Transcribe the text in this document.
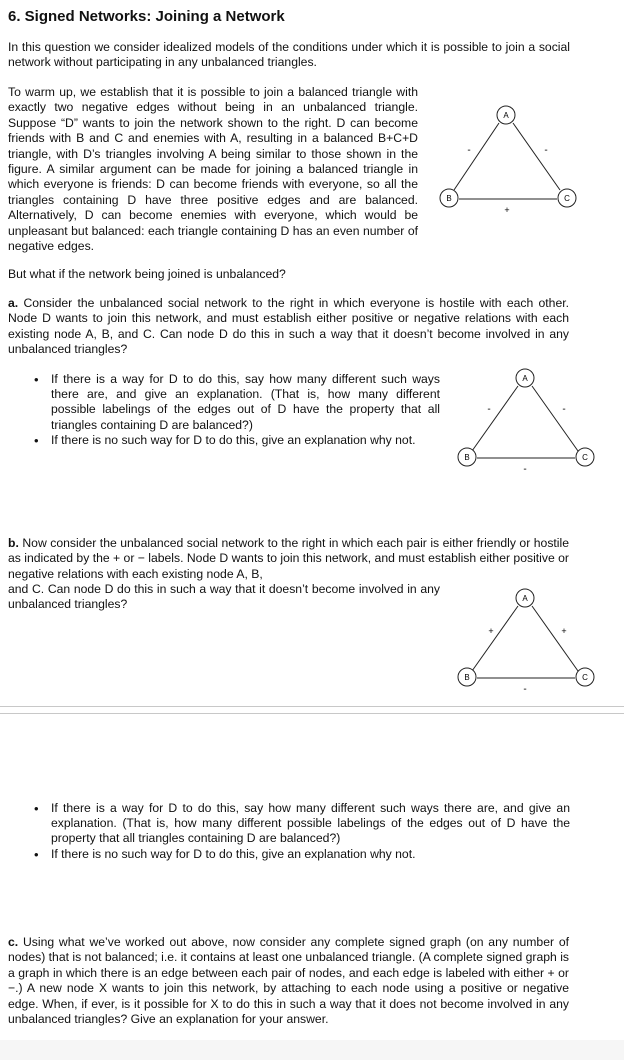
6. Signed Networks: Joining a Network

In this question we consider idealized models of the conditions under which it is possible to join a social network without participating in any unbalanced triangles.

To warm up, we establish that it is possible to join a balanced triangle with exactly two negative edges without being in an unbalanced triangle. Suppose “D” wants to join the network shown to the right. D can become friends with B and C and enemies with A, resulting in a balanced B+C+D triangle, with D’s triangles involving A being similar to those shown in the figure. A similar argument can be made for joining a balanced triangle in which everyone is friends: D can become friends with everyone, so all the triangles containing D have three positive edges and are balanced. Alternatively, D can become enemies with everyone, which would be unpleasant but balanced: each triangle containing D has an even number of negative edges.

A
B	C
-	-
+

But what if the network being joined is unbalanced?

a. Consider the unbalanced social network to the right in which everyone is hostile with each other. Node D wants to join this network, and must establish either positive or negative relations with each existing node A, B, and C. Can node D do this in such a way that it doesn’t become involved in any unbalanced triangles?

• If there is a way for D to do this, say how many different such ways there are, and give an explanation. (That is, how many different possible labelings of the edges out of D have the property that all triangles containing D are balanced?)
• If there is no such way for D to do this, give an explanation why not.
A
B	C
-	-
-

b. Now consider the unbalanced social network to the right in which each pair is either friendly or hostile as indicated by the + or − labels. Node D wants to join this network, and must establish either positive or negative relations with each existing node A, B,

and C. Can node D do this in such a way that it doesn’t become involved in any unbalanced triangles?	A
B	C
+	+
-
• If there is a way for D to do this, say how many different such ways there are, and give an explanation. (That is, how many different possible labelings of the edges out of D have the property that all triangles containing D are balanced?)
• If there is no such way for D to do this, give an explanation why not.

c. Using what we’ve worked out above, now consider any complete signed graph (on any number of nodes) that is not balanced; i.e. it contains at least one unbalanced triangle. (A complete signed graph is a graph in which there is an edge between each pair of nodes, and each edge is labeled with either + or −.) A new node X wants to join this network, by attaching to each node using a positive or negative edge. When, if ever, is it possible for X to do this in such a way that it does not become involved in any unbalanced triangles? Give an explanation for your answer.
